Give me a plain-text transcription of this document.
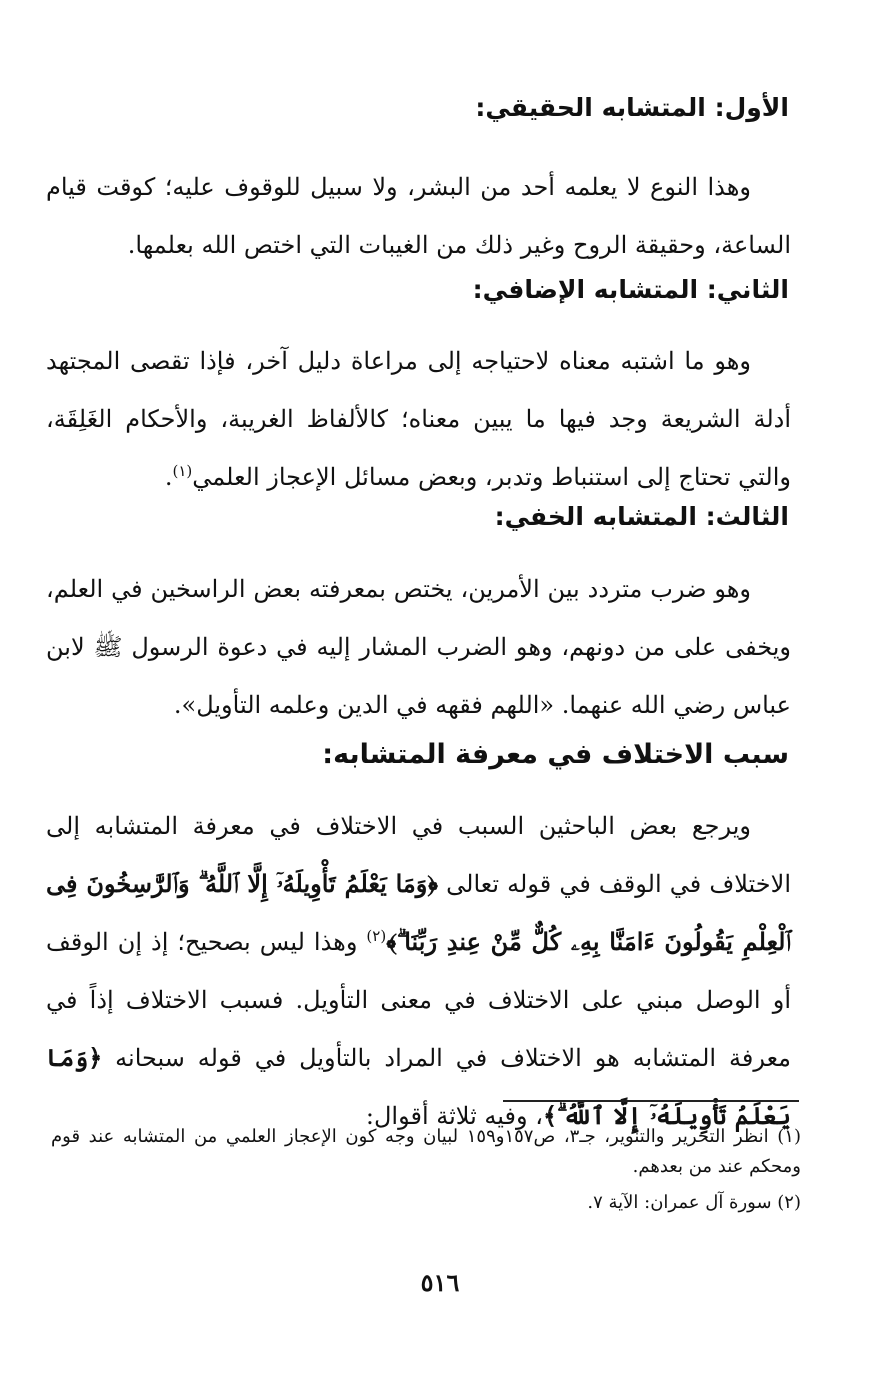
الأول: المتشابه الحقيقي:
وهذا النوع لا يعلمه أحد من البشر، ولا سبيل للوقوف عليه؛ كوقت قيام الساعة، وحقيقة الروح وغير ذلك من الغيبات التي اختص الله بعلمها.
الثاني: المتشابه الإضافي:
وهو ما اشتبه معناه لاحتياجه إلى مراعاة دليل آخر، فإذا تقصى المجتهد أدلة الشريعة وجد فيها ما يبين معناه؛ كالألفاظ الغريبة، والأحكام الغَلِقَة، والتي تحتاج إلى استنباط وتدبر، وبعض مسائل الإعجاز العلمي$^{(١)}$.
الثالث: المتشابه الخفي:
وهو ضرب متردد بين الأمرين، يختص بمعرفته بعض الراسخين في العلم، ويخفى على من دونهم، وهو الضرب المشار إليه في دعوة الرسول ﷺ لابن عباس رضي الله عنهما. «اللهم فقهه في الدين وعلمه التأويل».
سبب الاختلاف في معرفة المتشابه:
ويرجع بعض الباحثين السبب في الاختلاف في معرفة المتشابه إلى الاختلاف في الوقف في قوله تعالى ﴿وَمَا يَعْلَمُ تَأْوِيلَهُۥٓ إِلَّا ٱللَّهُ ۗ وَٱلرَّٰسِخُونَ فِى ٱلْعِلْمِ يَقُولُونَ ءَامَنَّا بِهِۦ كُلٌّ مِّنْ عِندِ رَبِّنَا ۗ﴾$^{(٢)}$ وهذا ليس بصحيح؛ إذ إن الوقف أو الوصل مبني على الاختلاف في معنى التأويل. فسبب الاختلاف إذاً في معرفة المتشابه هو الاختلاف في المراد بالتأويل في قوله سبحانه ﴿وَمَا يَعْلَمُ تَأْوِيلَهُۥٓ إِلَّا ٱللَّهُ ۗ﴾، وفيه ثلاثة أقوال:
(١) انظر التحرير والتنوير، جـ٣، ص١٥٧و١٥٩ لبيان وجه كون الإعجاز العلمي من المتشابه عند قوم ومحكم عند من بعدهم.
(٢) سورة آل عمران: الآية ٧.
٥١٦
